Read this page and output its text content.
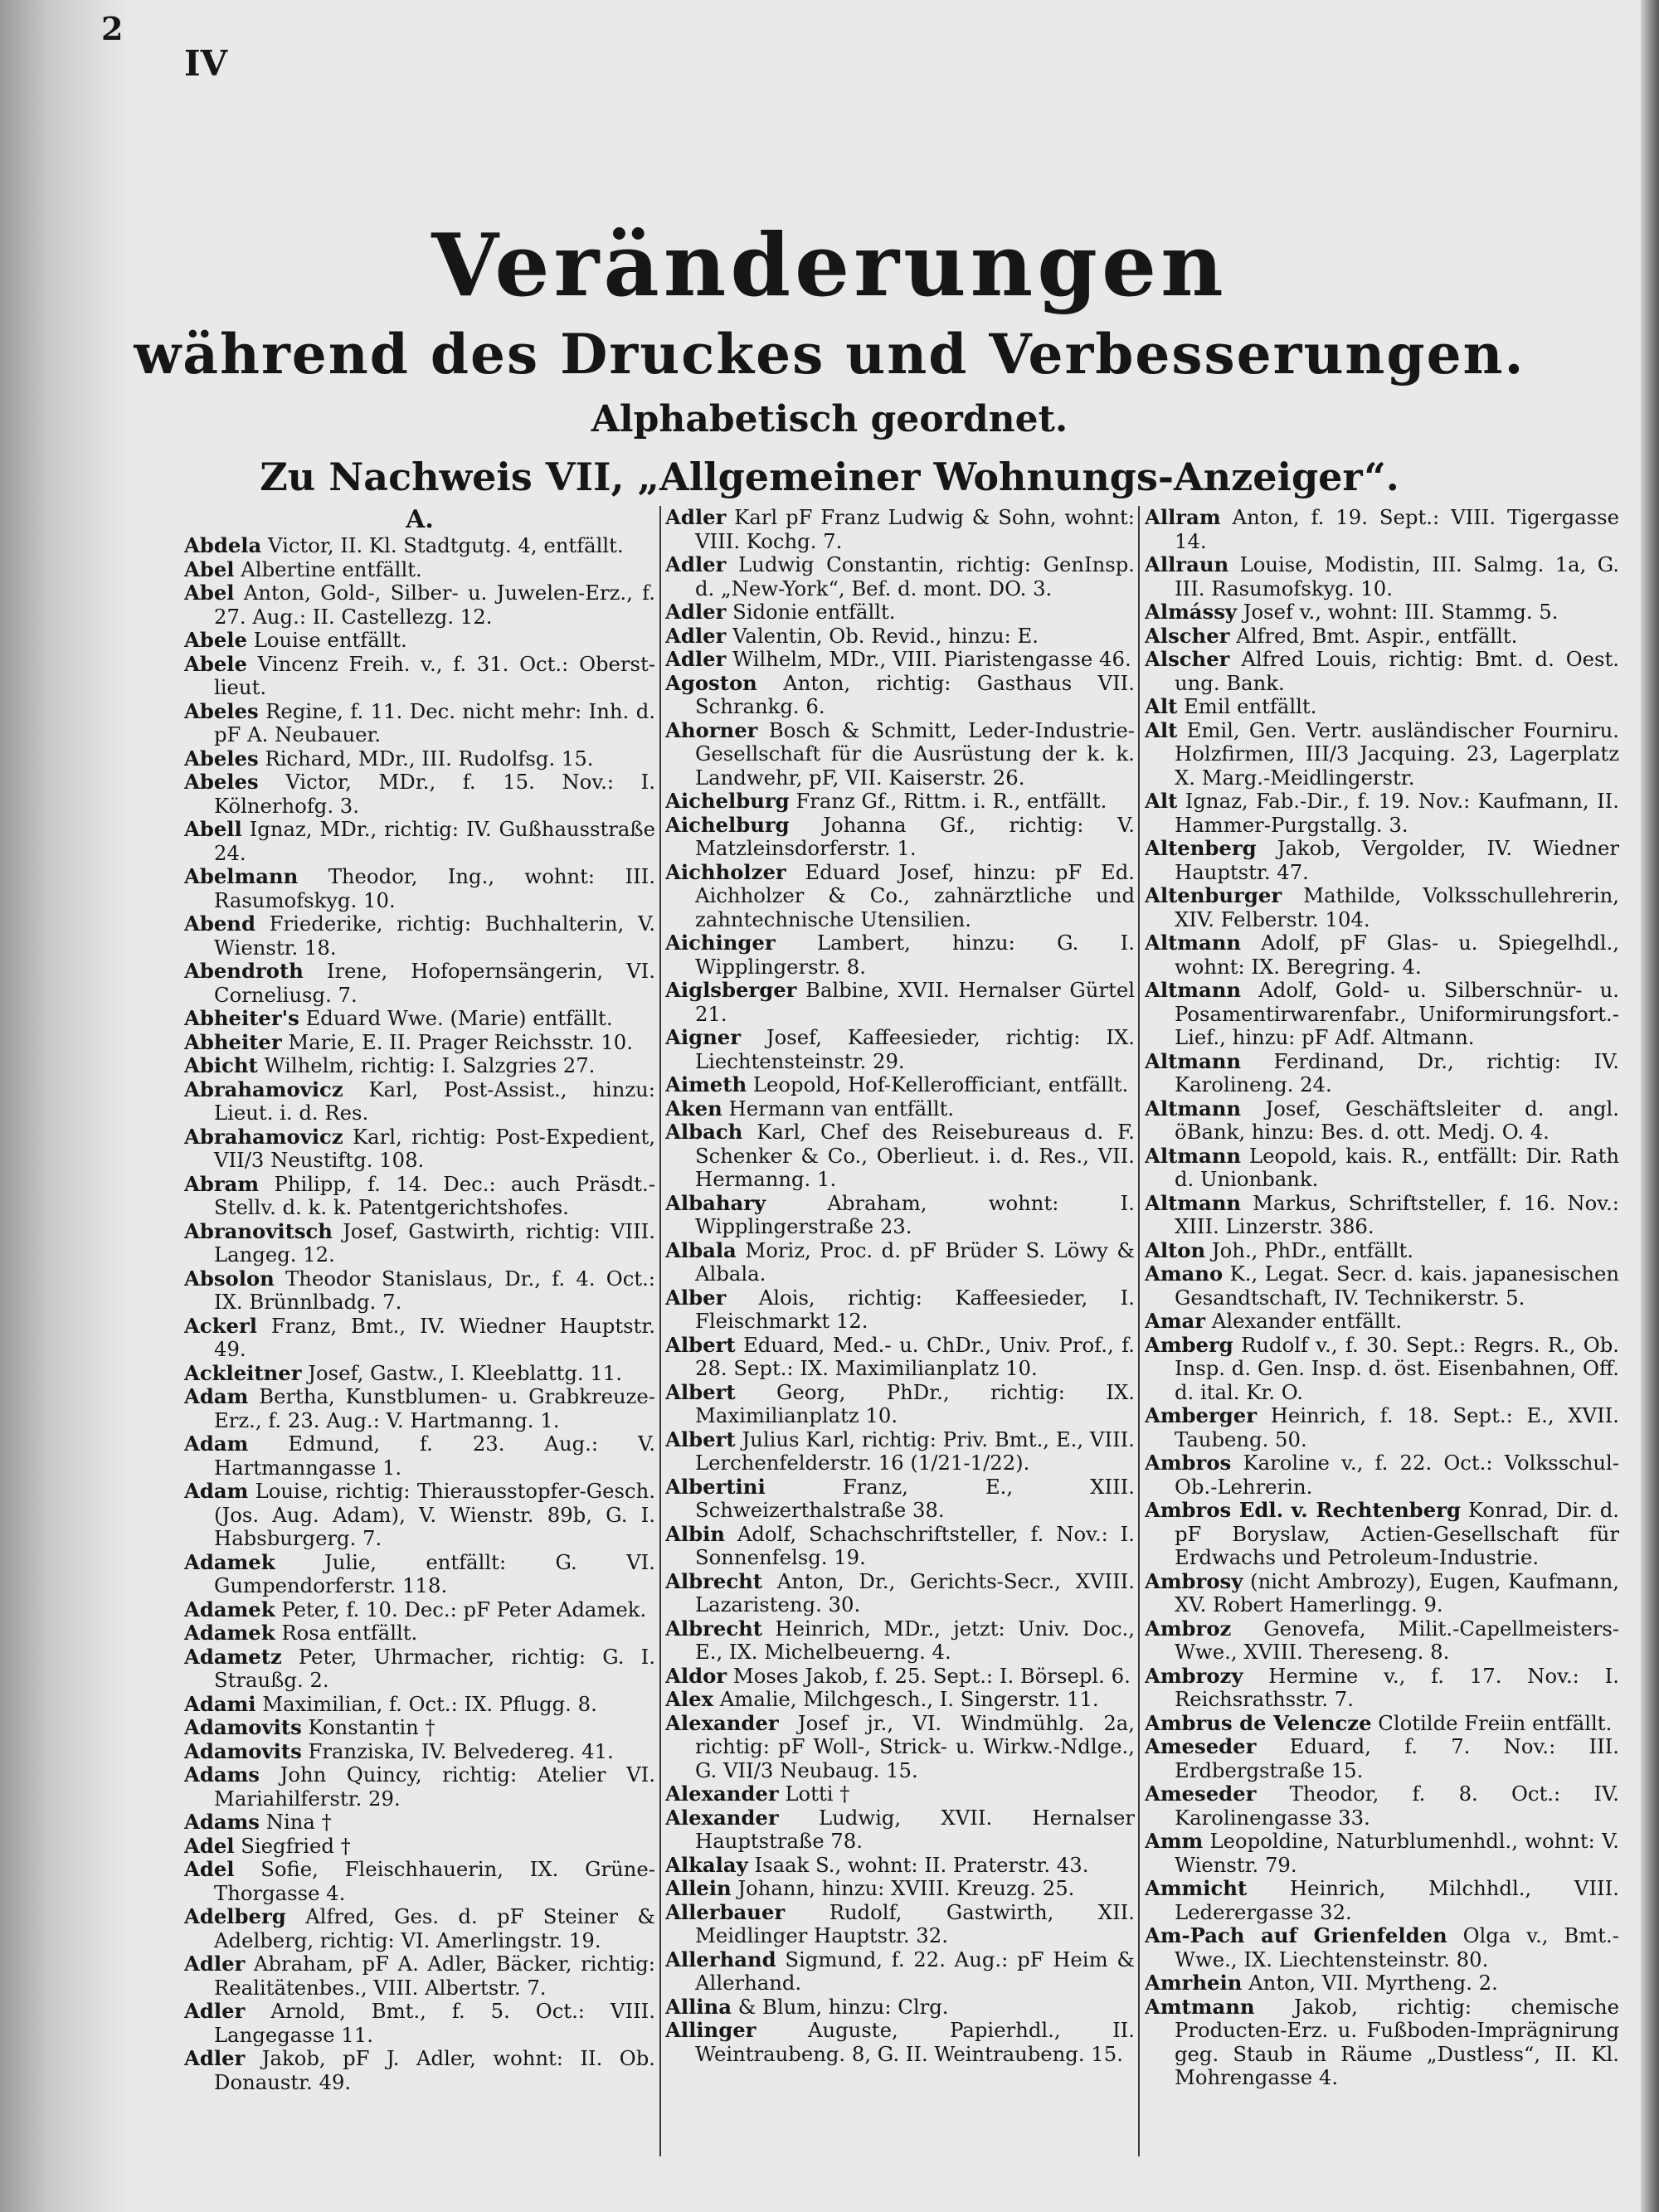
2
IV
Veränderungen
während des Druckes und Verbesserungen.
Alphabetisch geordnet.
Zu Nachweis VII, „Allgemeiner Wohnungs-Anzeiger“.
A.
Abdela Victor, II. Kl. Stadtgutg. 4, entfällt.
Abel Albertine entfällt.
Abel Anton, Gold-, Silber- u. Juwelen-Erz., f. 27. Aug.: II. Castellezg. 12.
Abele Louise entfällt.
Abele Vincenz Freih. v., f. 31. Oct.: Oberst-lieut.
Abeles Regine, f. 11. Dec. nicht mehr: Inh. d. pF A. Neubauer.
Abeles Richard, MDr., III. Rudolfsg. 15.
Abeles Victor, MDr., f. 15. Nov.: I. Kölnerhofg. 3.
Abell Ignaz, MDr., richtig: IV. Gußhausstraße 24.
Abelmann Theodor, Ing., wohnt: III. Rasumofskyg. 10.
Abend Friederike, richtig: Buchhalterin, V. Wienstr. 18.
Abendroth Irene, Hofopernsängerin, VI. Corneliusg. 7.
Abheiter's Eduard Wwe. (Marie) entfällt.
Abheiter Marie, E. II. Prager Reichsstr. 10.
Abicht Wilhelm, richtig: I. Salzgries 27.
Abrahamovicz Karl, Post-Assist., hinzu: Lieut. i. d. Res.
Abrahamovicz Karl, richtig: Post-Expedient, VII/3 Neustiftg. 108.
Abram Philipp, f. 14. Dec.: auch Präsdt.-Stellv. d. k. k. Patentgerichtshofes.
Abranovitsch Josef, Gastwirth, richtig: VIII. Langeg. 12.
Absolon Theodor Stanislaus, Dr., f. 4. Oct.: IX. Brünnlbadg. 7.
Ackerl Franz, Bmt., IV. Wiedner Hauptstr. 49.
Ackleitner Josef, Gastw., I. Kleeblattg. 11.
Adam Bertha, Kunstblumen- u. Grabkreuze-Erz., f. 23. Aug.: V. Hartmanng. 1.
Adam Edmund, f. 23. Aug.: V. Hartmanngasse 1.
Adam Louise, richtig: Thierausstopfer-Gesch. (Jos. Aug. Adam), V. Wienstr. 89b, G. I. Habsburgerg. 7.
Adamek Julie, entfällt: G. VI. Gumpendorferstr. 118.
Adamek Peter, f. 10. Dec.: pF Peter Adamek.
Adamek Rosa entfällt.
Adametz Peter, Uhrmacher, richtig: G. I. Straußg. 2.
Adami Maximilian, f. Oct.: IX. Pflugg. 8.
Adamovits Konstantin †
Adamovits Franziska, IV. Belvedereg. 41.
Adams John Quincy, richtig: Atelier VI. Mariahilferstr. 29.
Adams Nina †
Adel Siegfried †
Adel Sofie, Fleischhauerin, IX. Grüne-Thorgasse 4.
Adelberg Alfred, Ges. d. pF Steiner & Adelberg, richtig: VI. Amerlingstr. 19.
Adler Abraham, pF A. Adler, Bäcker, richtig: Realitätenbes., VIII. Albertstr. 7.
Adler Arnold, Bmt., f. 5. Oct.: VIII. Langegasse 11.
Adler Jakob, pF J. Adler, wohnt: II. Ob. Donaustr. 49.
Adler Karl pF Franz Ludwig & Sohn, wohnt: VIII. Kochg. 7.
Adler Ludwig Constantin, richtig: GenInsp. d. „New-York“, Bef. d. mont. DO. 3.
Adler Sidonie entfällt.
Adler Valentin, Ob. Revid., hinzu: E.
Adler Wilhelm, MDr., VIII. Piaristengasse 46.
Agoston Anton, richtig: Gasthaus VII. Schrankg. 6.
Ahorner Bosch & Schmitt, Leder-Industrie-Gesellschaft für die Ausrüstung der k. k. Landwehr, pF, VII. Kaiserstr. 26.
Aichelburg Franz Gf., Rittm. i. R., entfällt.
Aichelburg Johanna Gf., richtig: V. Matzleinsdorferstr. 1.
Aichholzer Eduard Josef, hinzu: pF Ed. Aichholzer & Co., zahnärztliche und zahntechnische Utensilien.
Aichinger Lambert, hinzu: G. I. Wipplingerstr. 8.
Aiglsberger Balbine, XVII. Hernalser Gürtel 21.
Aigner Josef, Kaffeesieder, richtig: IX. Liechtensteinstr. 29.
Aimeth Leopold, Hof-Kellerofficiant, entfällt.
Aken Hermann van entfällt.
Albach Karl, Chef des Reisebureaus d. F. Schenker & Co., Oberlieut. i. d. Res., VII. Hermanng. 1.
Albahary	Abraham, wohnt: I. Wipplingerstraße 23.
Albala Moriz, Proc. d. pF Brüder S. Löwy & Albala.
Alber Alois, richtig: Kaffeesieder, I. Fleischmarkt 12.
Albert Eduard, Med.- u. ChDr., Univ. Prof., f. 28. Sept.: IX. Maximilianplatz 10.
Albert Georg, PhDr., richtig: IX. Maximilianplatz 10.
Albert Julius Karl, richtig: Priv. Bmt., E., VIII. Lerchenfelderstr. 16 (1/21-1/22).
Albertini	Franz, E., XIII. Schweizerthalstraße 38.
Albin Adolf, Schachschriftsteller, f. Nov.: I. Sonnenfelsg. 19.
Albrecht Anton, Dr., Gerichts-Secr., XVIII. Lazaristeng. 30.
Albrecht Heinrich, MDr., jetzt: Univ. Doc., E., IX. Michelbeuerng. 4.
Aldor Moses Jakob, f. 25. Sept.: I. Börsepl. 6.
Alex Amalie, Milchgesch., I. Singerstr. 11.
Alexander Josef jr., VI. Windmühlg. 2a, richtig: pF Woll-, Strick- u. Wirkw.-Ndlge., G. VII/3 Neubaug. 15.
Alexander Lotti †
Alexander Ludwig, XVII. Hernalser Hauptstraße 78.
Alkalay Isaak S., wohnt: II. Praterstr. 43.
Allein Johann, hinzu: XVIII. Kreuzg. 25.
Allerbauer Rudolf, Gastwirth, XII. Meidlinger Hauptstr. 32.
Allerhand Sigmund, f. 22. Aug.: pF Heim & Allerhand.
Allina & Blum, hinzu: Clrg.
Allinger	Auguste, Papierhdl., II. Weintraubeng. 8, G. II. Weintraubeng. 15.
Allram Anton, f. 19. Sept.: VIII. Tigergasse 14.
Allraun Louise, Modistin, III. Salmg. 1a, G. III. Rasumofskyg. 10.
Almássy Josef v., wohnt: III. Stammg. 5.
Alscher Alfred, Bmt. Aspir., entfällt.
Alscher Alfred Louis, richtig: Bmt. d. Oest. ung. Bank.
Alt Emil entfällt.
Alt Emil, Gen. Vertr. ausländischer Fourniru. Holzfirmen, III/3 Jacquing. 23, Lagerplatz X. Marg.-Meidlingerstr.
Alt Ignaz, Fab.-Dir., f. 19. Nov.: Kaufmann, II. Hammer-Purgstallg. 3.
Altenberg Jakob, Vergolder, IV. Wiedner Hauptstr. 47.
Altenburger Mathilde, Volksschullehrerin, XIV. Felberstr. 104.
Altmann Adolf, pF Glas- u. Spiegelhdl., wohnt: IX. Beregring. 4.
Altmann Adolf, Gold- u. Silberschnür- u. Posamentirwarenfabr., Uniformirungsfort.-Lief., hinzu: pF Adf. Altmann.
Altmann Ferdinand, Dr., richtig: IV. Karolineng. 24.
Altmann Josef, Geschäftsleiter d. angl. öBank, hinzu: Bes. d. ott. Medj. O. 4.
Altmann Leopold, kais. R., entfällt: Dir. Rath d. Unionbank.
Altmann Markus, Schriftsteller, f. 16. Nov.: XIII. Linzerstr. 386.
Alton Joh., PhDr., entfällt.
Amano K., Legat. Secr. d. kais. japanesischen Gesandtschaft, IV. Technikerstr. 5.
Amar Alexander entfällt.
Amberg Rudolf v., f. 30. Sept.: Regrs. R., Ob. Insp. d. Gen. Insp. d. öst. Eisenbahnen, Off. d. ital. Kr. O.
Amberger Heinrich, f. 18. Sept.: E., XVII. Taubeng. 50.
Ambros Karoline v., f. 22. Oct.: Volksschul-Ob.-Lehrerin.
Ambros Edl. v. Rechtenberg Konrad, Dir. d. pF Boryslaw, Actien-Gesellschaft für Erdwachs und Petroleum-Industrie.
Ambrosy (nicht Ambrozy), Eugen, Kaufmann, XV. Robert Hamerlingg. 9.
Ambroz Genovefa, Milit.-Capellmeisters-Wwe., XVIII. Thereseng. 8.
Ambrozy Hermine v., f. 17. Nov.: I. Reichsrathsstr. 7.
Ambrus de Velencze Clotilde Freiin entfällt.
Ameseder Eduard, f. 7. Nov.: III. Erdbergstraße 15.
Ameseder Theodor, f. 8. Oct.: IV. Karolinengasse 33.
Amm Leopoldine, Naturblumenhdl., wohnt: V. Wienstr. 79.
Ammicht Heinrich, Milchhdl., VIII. Lederergasse 32.
Am-Pach auf Grienfelden Olga v., Bmt.-Wwe., IX. Liechtensteinstr. 80.
Amrhein Anton, VII. Myrtheng. 2.
Amtmann Jakob, richtig: chemische Producten-Erz. u. Fußboden-Imprägnirung geg. Staub in Räume „Dustless“, II. Kl. Mohrengasse 4.
